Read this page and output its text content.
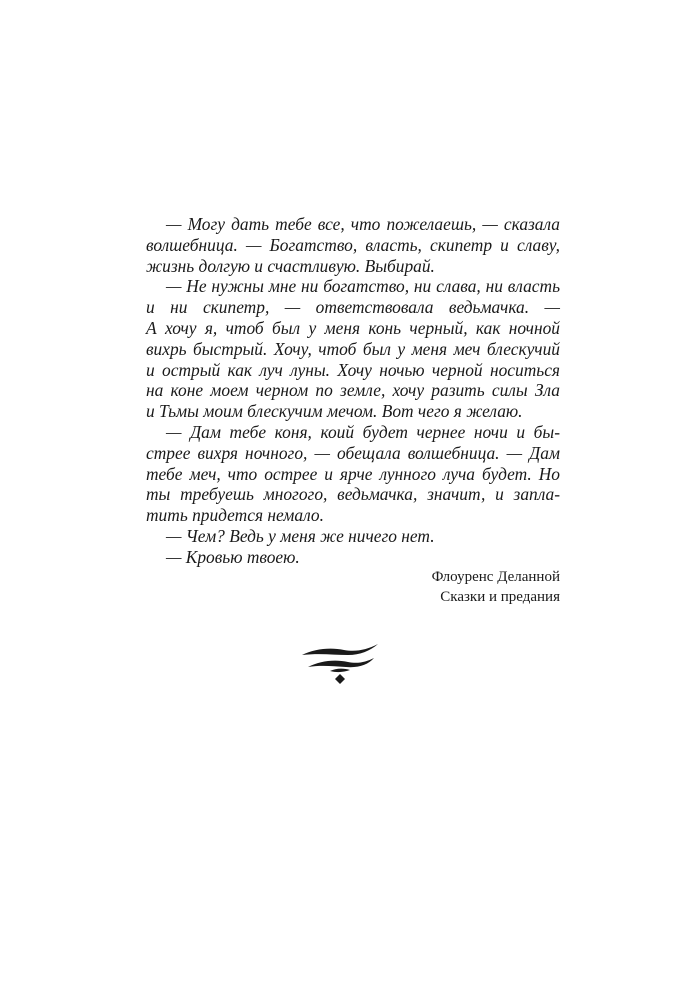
— Могу дать тебе все, что пожелаешь, — сказала
волшебница. — Богатство, власть, скипетр и славу,
жизнь долгую и счастливую. Выбирай.
— Не нужны мне ни богатство, ни слава, ни власть
и ни скипетр, — ответствовала ведьмачка. —
А хочу я, чтоб был у меня конь черный, как ночной
вихрь быстрый. Хочу, чтоб был у меня меч блескучий
и острый как луч луны. Хочу ночью черной носиться
на коне моем черном по земле, хочу разить силы Зла
и Тьмы моим блескучим мечом. Вот чего я желаю.
— Дам тебе коня, коий будет чернее ночи и бы-
стрее вихря ночного, — обещала волшебница. — Дам
тебе меч, что острее и ярче лунного луча будет. Но
ты требуешь многого, ведьмачка, значит, и запла-
тить придется немало.
— Чем? Ведь у меня же ничего нет.
— Кровью твоею.
Флоуренс Деланной
Сказки и предания
